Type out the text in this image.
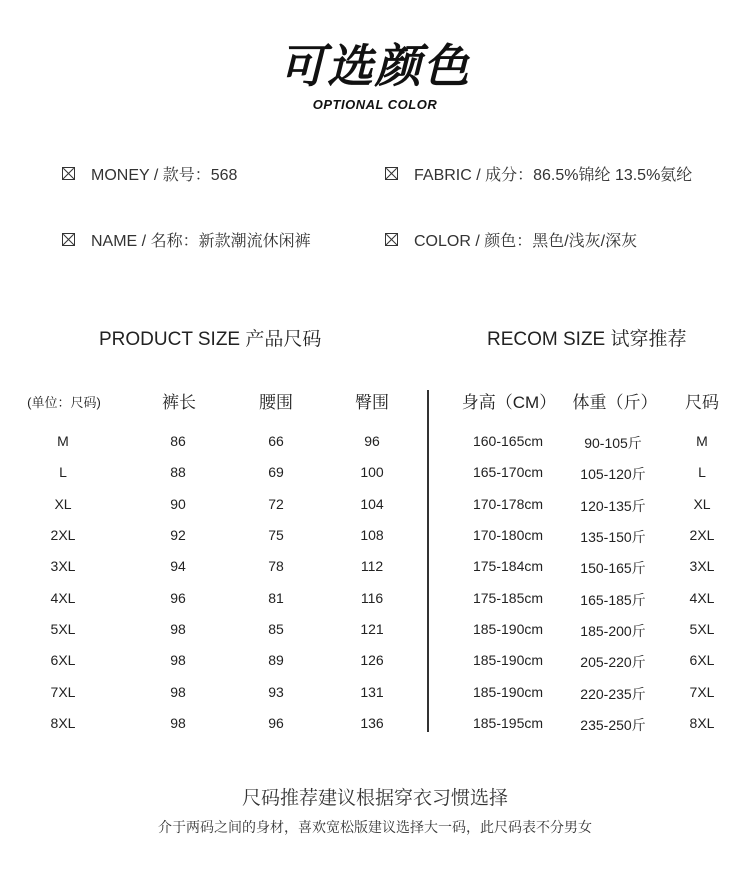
可选颜色
OPTIONAL COLOR
MONEY / 款号：568	FABRIC / 成分：86.5%锦纶 13.5%氨纶
NAME / 名称：新款潮流休闲裤	COLOR / 颜色：黑色/浅灰/深灰
PRODUCT SIZE 产品尺码	RECOM SIZE 试穿推荐
(单位：尺码)	裤长	腰围	臀围	身高（CM） 体重（斤） 尺码
M	86	66	96	160-165cm	90-105斤	M
L	88	69	100	165-170cm	105-120斤	L
XL	90	72	104	170-178cm	120-135斤	XL
2XL	92	75	108	170-180cm	135-150斤	2XL
3XL	94	78	112	175-184cm	150-165斤	3XL
4XL	96	81	116	175-185cm	165-185斤	4XL
5XL	98	85	121	185-190cm	185-200斤	5XL
6XL	98	89	126	185-190cm	205-220斤	6XL
7XL	98	93	131	185-190cm	220-235斤	7XL
8XL	98	96	136	185-195cm	235-250斤	8XL
尺码推荐建议根据穿衣习惯选择
介于两码之间的身材，喜欢宽松版建议选择大一码，此尺码表不分男女
